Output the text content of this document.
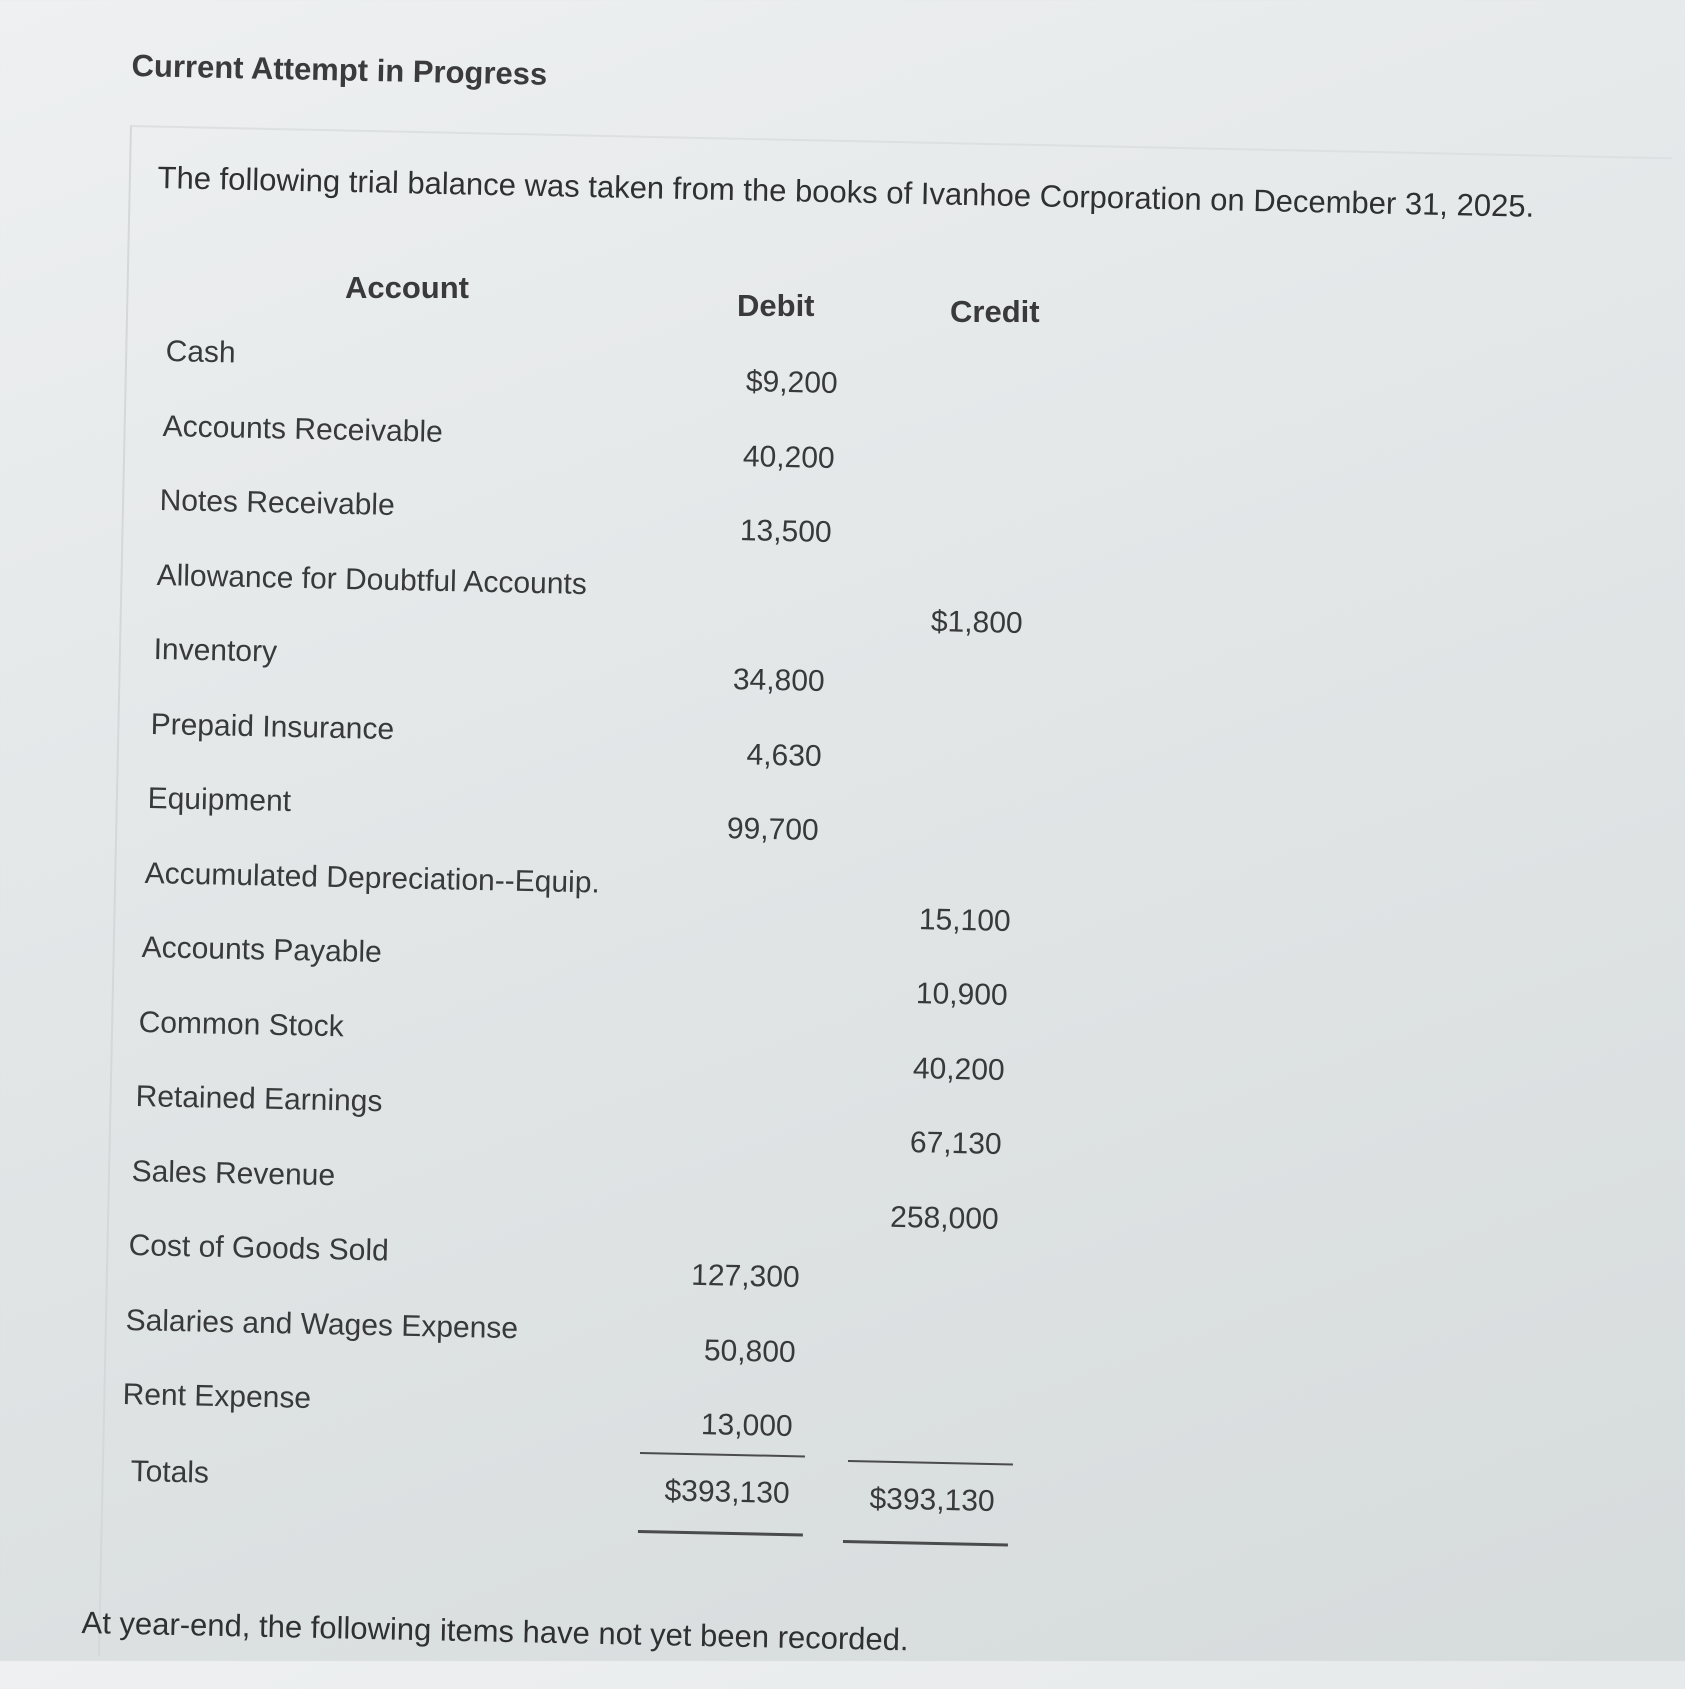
Current Attempt in Progress
The following trial balance was taken from the books of Ivanhoe Corporation on December 31, 2025.
Account
Debit	Credit
Cash
$9,200
Accounts Receivable
40,200
Notes Receivable
13,500
Allowance for Doubtful Accounts
$1,800
Inventory
34,800
Prepaid Insurance
4,630
Equipment
99,700
Accumulated Depreciation--Equip.
15,100
Accounts Payable
10,900
Common Stock
40,200
Retained Earnings
67,130
Sales Revenue
258,000
Cost of Goods Sold
127,300
Salaries and Wages Expense
50,800
Rent Expense
13,000
Totals
$393,130	$393,130
At year-end, the following items have not yet been recorded.
